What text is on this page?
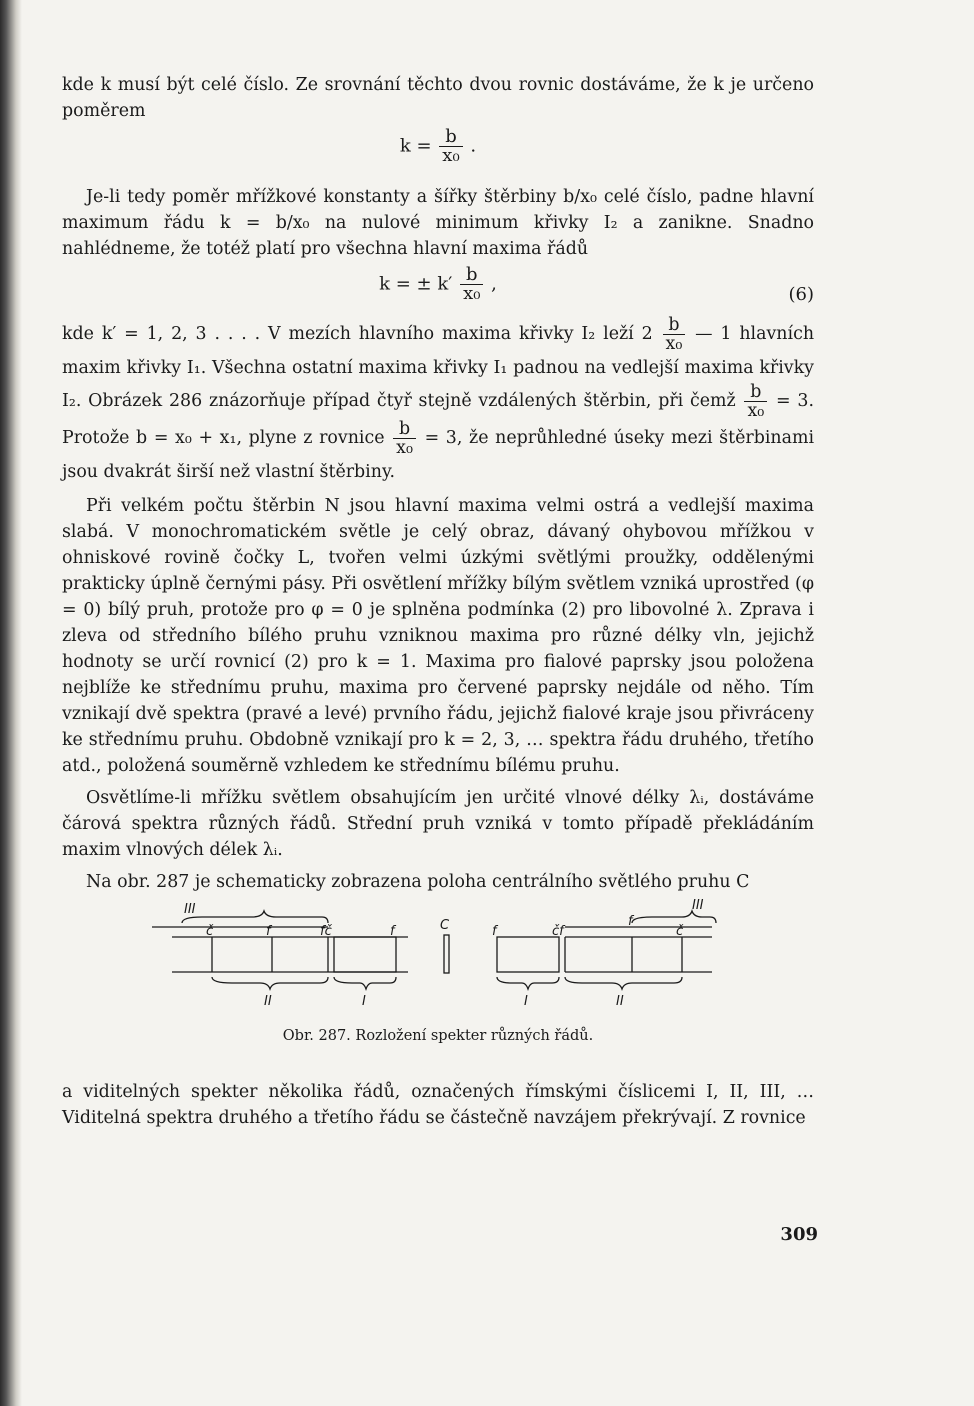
kde k musí být celé číslo. Ze srovnání těchto dvou rovnic dostáváme, že k je určeno poměrem

$k = \frac{b}{\text{x₀}}$ .

Je-li tedy poměr mřížkové konstanty a šířky štěrbiny b/x₀ celé číslo, padne hlavní maximum řádu k = b/x₀ na nulové minimum křivky I₂ a zanikne. Snadno nahlédneme, že totéž platí pro všechna hlavní maxima řádů

k = ± $k' \frac{b}{\text{x₀}}$ ,	(6)

kde k′ = 1, 2, 3 . . . . V mezích hlavního maxima křivky I₂ leží $2 \frac{b}{\text{x₀}}$ — 1 hlavních maxim křivky I₁. Všechna ostatní maxima křivky I₁ padnou na vedlejší maxima křivky I₂. Obrázek 286 znázorňuje případ čtyř stejně vzdálených štěrbin, při čemž $\frac{b}{\text{x₀}} = 3$. Protože b = x₀ + x₁, plyne z rovnice $\frac{b}{\text{x₀}} = 3$, že neprůhledné úseky mezi štěrbinami jsou dvakrát širší než vlastní štěrbiny.

Při velkém počtu štěrbin N jsou hlavní maxima velmi ostrá a vedlejší maxima slabá. V monochromatickém světle je celý obraz, dávaný ohybovou mřížkou v ohniskové rovině čočky L, tvořen velmi úzkými světlými proužky, oddělenými prakticky úplně černými pásy. Při osvětlení mřížky bílým světlem vzniká uprostřed (φ = 0) bílý pruh, protože pro φ = 0 je splněna podmínka (2) pro libovolné λ. Zprava i zleva od středního bílého pruhu vzniknou maxima pro různé délky vln, jejichž hodnoty se určí rovnicí (2) pro k = 1. Maxima pro fialové paprsky jsou položena nejblíže ke střednímu pruhu, maxima pro červené paprsky nejdále od něho. Tím vznikají dvě spektra (pravé a levé) prvního řádu, jejichž fialové kraje jsou přivráceny ke střednímu pruhu. Obdobně vznikají pro k = 2, 3, … spektra řádu druhého, třetího atd., položená souměrně vzhledem ke střednímu bílému pruhu.

Osvětlíme-li mřížku světlem obsahujícím jen určité vlnové délky λᵢ, dostáváme čárová spektra různých řádů. Střední pruh vzniká v tomto případě překládáním maxim vlnových délek λᵢ.

Na obr. 287 je schematicky zobrazena poloha centrálního světlého pruhu C

III
č	f	fč	f	C	f	čf
f
č
III
II	I	I	II
Obr. 287. Rozložení spekter různých řádů.

a viditelných spekter několika řádů, označených římskými číslicemi I, II, III, … Viditelná spektra druhého a třetího řádu se částečně navzájem překrývají. Z rovnice

309
